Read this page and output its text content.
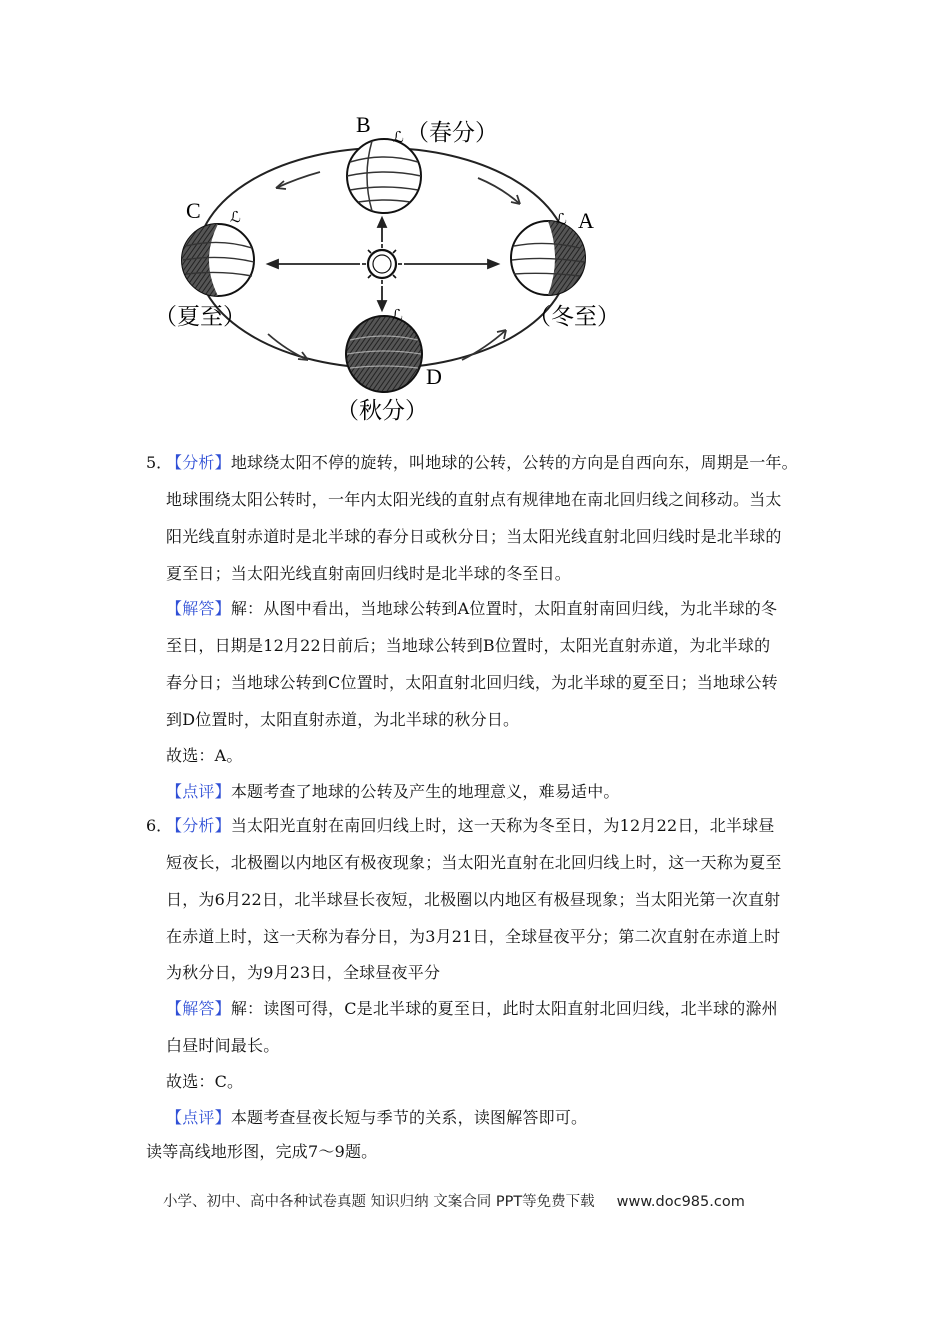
B ℒ （春分）
C ℒ
（夏至）
ℒ A
（冬至）
ℒ
D
（秋分）
5．
【分析】地球绕太阳不停的旋转，叫地球的公转，公转的方向是自西向东，周期是一年。
地球围绕太阳公转时，一年内太阳光线的直射点有规律地在南北回归线之间移动。当太
阳光线直射赤道时是北半球的春分日或秋分日；当太阳光线直射北回归线时是北半球的
夏至日；当太阳光线直射南回归线时是北半球的冬至日。
【解答】解：从图中看出，当地球公转到A位置时，太阳直射南回归线，为北半球的冬
至日，日期是12月22日前后；当地球公转到B位置时，太阳光直射赤道，为北半球的
春分日；当地球公转到C位置时，太阳直射北回归线，为北半球的夏至日；当地球公转
到D位置时，太阳直射赤道，为北半球的秋分日。
故选：A。
【点评】本题考查了地球的公转及产生的地理意义，难易适中。
6．
【分析】当太阳光直射在南回归线上时，这一天称为冬至日，为12月22日，北半球昼
短夜长，北极圈以内地区有极夜现象；当太阳光直射在北回归线上时，这一天称为夏至
日，为6月22日，北半球昼长夜短，北极圈以内地区有极昼现象；当太阳光第一次直射
在赤道上时，这一天称为春分日，为3月21日，全球昼夜平分；第二次直射在赤道上时
为秋分日，为9月23日，全球昼夜平分
【解答】解：读图可得，C是北半球的夏至日，此时太阳直射北回归线，北半球的滁州
白昼时间最长。
故选：C。
【点评】本题考查昼夜长短与季节的关系，读图解答即可。
读等高线地形图，完成7～9题。
小学、初中、高中各种试卷真题 知识归纳 文案合同 PPT等免费下载 www.doc985.com
